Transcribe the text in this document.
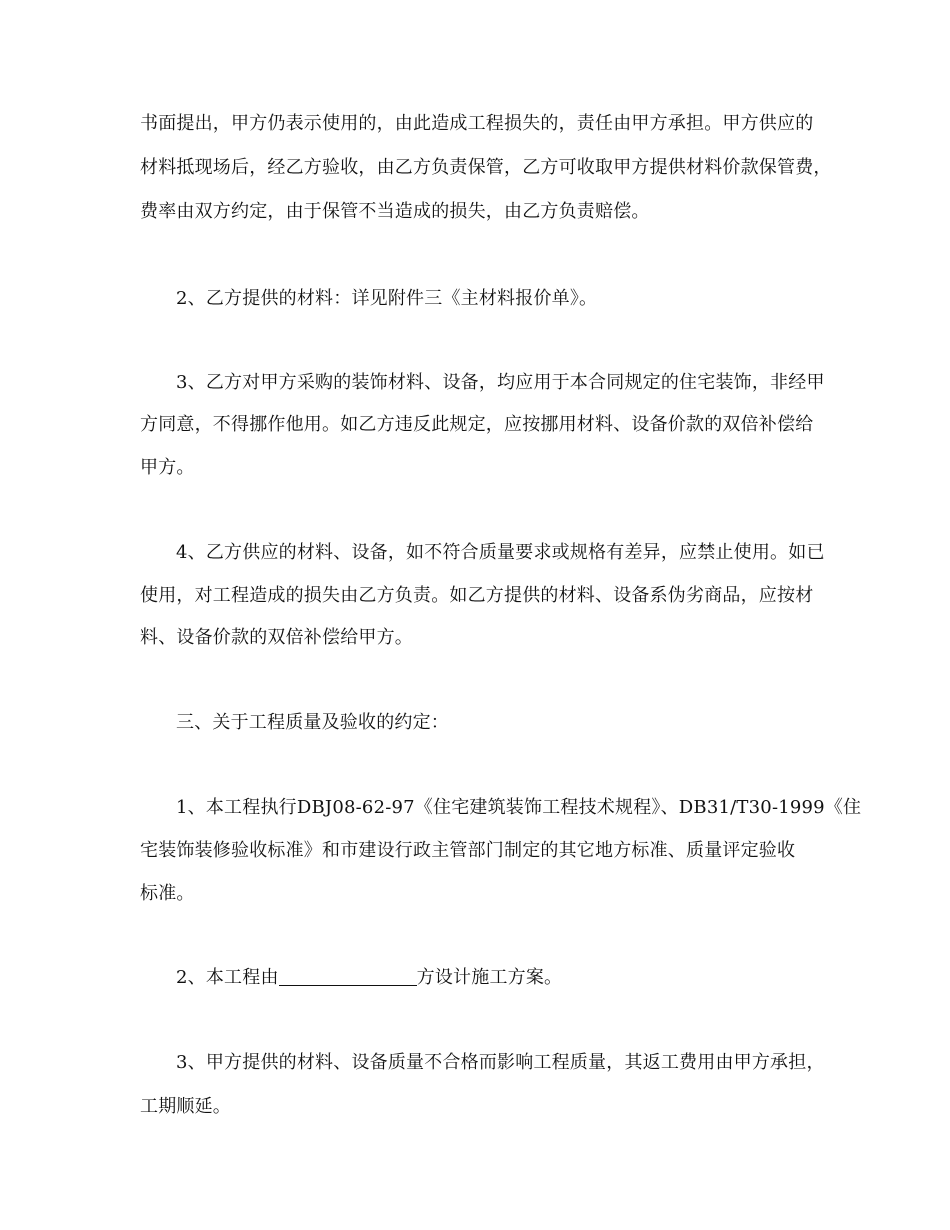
书面提出，甲方仍表示使用的，由此造成工程损失的，责任由甲方承担。甲方供应的
材料抵现场后，经乙方验收，由乙方负责保管，乙方可收取甲方提供材料价款保管费，
费率由双方约定，由于保管不当造成的损失，由乙方负责赔偿。
2、乙方提供的材料：详见附件三《主材料报价单》。
3、乙方对甲方采购的装饰材料、设备，均应用于本合同规定的住宅装饰，非经甲
方同意，不得挪作他用。如乙方违反此规定，应按挪用材料、设备价款的双倍补偿给
甲方。
4、乙方供应的材料、设备，如不符合质量要求或规格有差异，应禁止使用。如已
使用，对工程造成的损失由乙方负责。如乙方提供的材料、设备系伪劣商品，应按材
料、设备价款的双倍补偿给甲方。
三、关于工程质量及验收的约定：
1、本工程执行DBJ08-62-97《住宅建筑装饰工程技术规程》、DB31/T30-1999《住
宅装饰装修验收标准》和市建设行政主管部门制定的其它地方标准、质量评定验收
标准。
2、本工程由	方设计施工方案。
3、甲方提供的材料、设备质量不合格而影响工程质量，其返工费用由甲方承担，
工期顺延。
